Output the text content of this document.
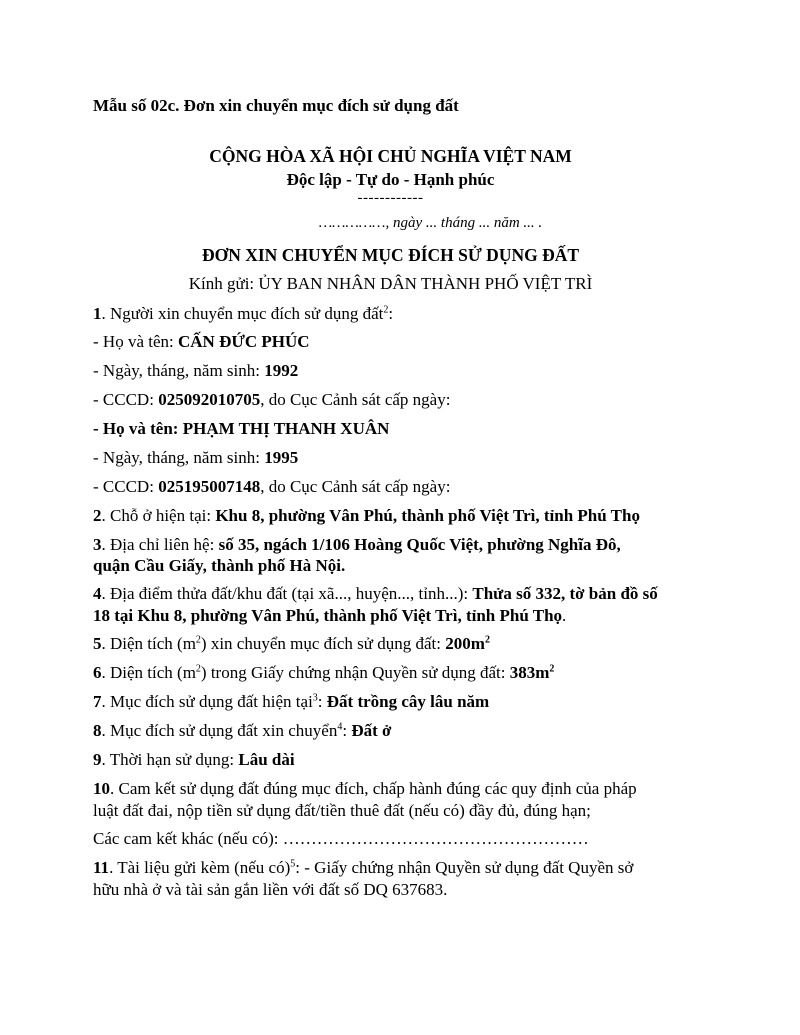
Mẫu số 02c. Đơn xin chuyển mục đích sử dụng đất
CỘNG HÒA XÃ HỘI CHỦ NGHĨA VIỆT NAM
Độc lập - Tự do - Hạnh phúc
------------
……………, ngày ... tháng ... năm ... .
ĐƠN XIN CHUYỂN MỤC ĐÍCH SỬ DỤNG ĐẤT
Kính gửi: ỦY BAN NHÂN DÂN THÀNH PHỐ VIỆT TRÌ
1. Người xin chuyển mục đích sử dụng đất$^2$:
- Họ và tên: CẤN ĐỨC PHÚC
- Ngày, tháng, năm sinh: 1992
- CCCD: 025092010705, do Cục Cảnh sát cấp ngày:
- Họ và tên: PHẠM THỊ THANH XUÂN
- Ngày, tháng, năm sinh: 1995
- CCCD: 025195007148, do Cục Cảnh sát cấp ngày:
2. Chỗ ở hiện tại: Khu 8, phường Vân Phú, thành phố Việt Trì, tỉnh Phú Thọ
3. Địa chỉ liên hệ: số 35, ngách 1/106 Hoàng Quốc Việt, phường Nghĩa Đô,
quận Cầu Giấy, thành phố Hà Nội.
4. Địa điểm thửa đất/khu đất (tại xã..., huyện..., tỉnh...): Thửa số 332, tờ bản đồ số
18 tại Khu 8, phường Vân Phú, thành phố Việt Trì, tỉnh Phú Thọ.
5. Diện tích $(m^2)$ xin chuyển mục đích sử dụng đất: $200m^2$
6. Diện tích $(m^2)$ trong Giấy chứng nhận Quyền sử dụng đất: $383m^2$
7. Mục đích sử dụng đất hiện tại$^3$: Đất trồng cây lâu năm
8. Mục đích sử dụng đất xin chuyển$^4$: Đất ở
9. Thời hạn sử dụng: Lâu dài
10. Cam kết sử dụng đất đúng mục đích, chấp hành đúng các quy định của pháp
luật đất đai, nộp tiền sử dụng đất/tiền thuê đất (nếu có) đầy đủ, đúng hạn;
Các cam kết khác (nếu có): ………………………………………………
11. Tài liệu gửi kèm (nếu có)$^5$: - Giấy chứng nhận Quyền sử dụng đất Quyền sở
hữu nhà ở và tài sản gắn liền với đất số DQ 637683.
